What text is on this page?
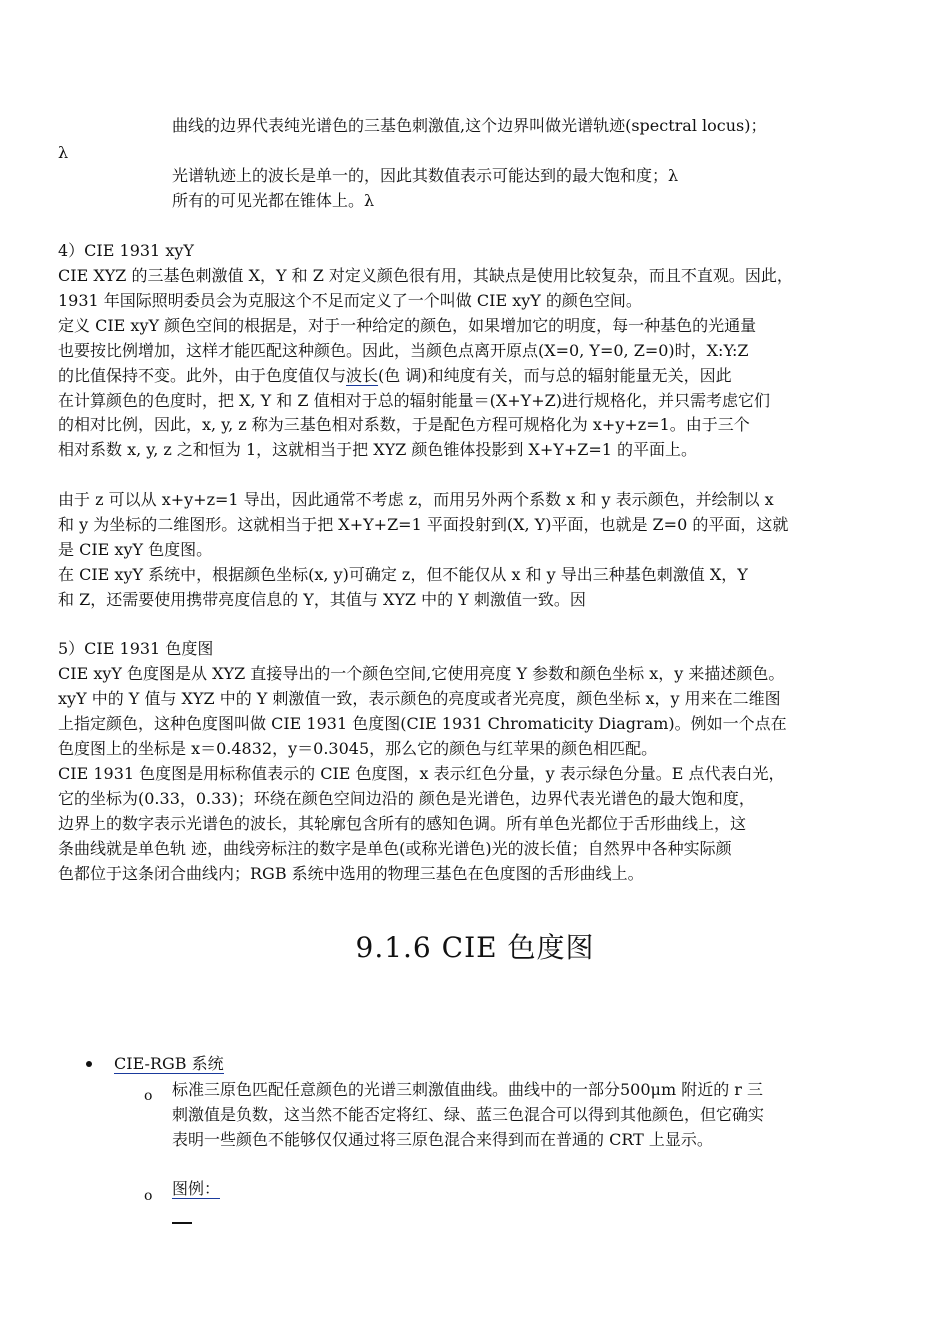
曲线的边界代表纯光谱色的三基色刺激值,这个边界叫做光谱轨迹(spectral locus)；
λ
光谱轨迹上的波长是单一的，因此其数值表示可能达到的最大饱和度；λ
所有的可见光都在锥体上。λ
4）CIE 1931 xyY
CIE XYZ 的三基色刺激值 X，Y 和 Z 对定义颜色很有用，其缺点是使用比较复杂，而且不直观。因此，
1931 年国际照明委员会为克服这个不足而定义了一个叫做 CIE xyY 的颜色空间。
定义 CIE xyY 颜色空间的根据是，对于一种给定的颜色，如果增加它的明度，每一种基色的光通量
也要按比例增加，这样才能匹配这种颜色。因此，当颜色点离开原点(X=0, Y=0, Z=0)时，X:Y:Z
的比值保持不变。此外，由于色度值仅与波长(色 调)和纯度有关，而与总的辐射能量无关，因此
在计算颜色的色度时，把 X, Y 和 Z 值相对于总的辐射能量＝(X+Y+Z)进行规格化，并只需考虑它们
的相对比例，因此，x, y, z 称为三基色相对系数，于是配色方程可规格化为 x+y+z=1。由于三个
相对系数 x, y, z 之和恒为 1，这就相当于把 XYZ 颜色锥体投影到 X+Y+Z=1 的平面上。
由于 z 可以从 x+y+z=1 导出，因此通常不考虑 z，而用另外两个系数 x 和 y 表示颜色，并绘制以 x
和 y 为坐标的二维图形。这就相当于把 X+Y+Z=1 平面投射到(X, Y)平面，也就是 Z=0 的平面，这就
是 CIE xyY 色度图。
在 CIE xyY 系统中，根据颜色坐标(x, y)可确定 z，但不能仅从 x 和 y 导出三种基色刺激值 X，Y
和 Z，还需要使用携带亮度信息的 Y，其值与 XYZ 中的 Y 刺激值一致。因
5）CIE 1931 色度图
CIE xyY 色度图是从 XYZ 直接导出的一个颜色空间,它使用亮度 Y 参数和颜色坐标 x，y 来描述颜色。
xyY 中的 Y 值与 XYZ 中的 Y 刺激值一致，表示颜色的亮度或者光亮度，颜色坐标 x，y 用来在二维图
上指定颜色，这种色度图叫做 CIE 1931 色度图(CIE 1931 Chromaticity Diagram)。例如一个点在
色度图上的坐标是 x＝0.4832，y＝0.3045，那么它的颜色与红苹果的颜色相匹配。
CIE 1931 色度图是用标称值表示的 CIE 色度图，x 表示红色分量，y 表示绿色分量。E 点代表白光，
它的坐标为(0.33，0.33)；环绕在颜色空间边沿的 颜色是光谱色，边界代表光谱色的最大饱和度，
边界上的数字表示光谱色的波长，其轮廓包含所有的感知色调。所有单色光都位于舌形曲线上，这
条曲线就是单色轨 迹，曲线旁标注的数字是单色(或称光谱色)光的波长值；自然界中各种实际颜
色都位于这条闭合曲线内；RGB 系统中选用的物理三基色在色度图的舌形曲线上。
9.1.6 CIE 色度图
CIE-RGB 系统
o 标准三原色匹配任意颜色的光谱三刺激值曲线。曲线中的一部分500μm 附近的 r 三
刺激值是负数，这当然不能否定将红、绿、蓝三色混合可以得到其他颜色，但它确实
表明一些颜色不能够仅仅通过将三原色混合来得到而在普通的 CRT 上显示。
o 图例：
